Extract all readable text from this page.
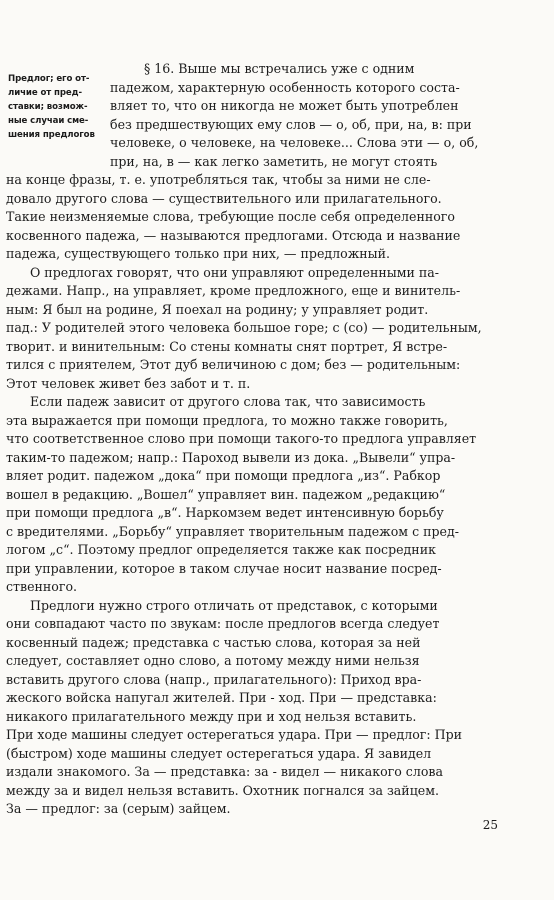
Предлог; его от-
личие от пред-
ставки; возмож-
ные случаи сме-
шения предлогов
§ 16. Выше мы встречались уже с одним
падежом, характерную особенность которого соста-
вляет то, что он никогда не может быть употреблен
без предшествующих ему слов — о, об, при, на, в: при
человеке, о человеке, на человеке... Слова эти — о, об,
при, на, в — как легко заметить, не могут стоять
на конце фразы, т. е. употребляться так, чтобы за ними не сле-
довало другого слова — существительного или прилагательного.
Такие неизменяемые слова, требующие после себя определенного
косвенного падежа, — называются предлогами. Отсюда и название
падежа, существующего только при них, — предложный.
О предлогах говорят, что они управляют определенными па-
дежами. Напр., на управляет, кроме предложного, еще и винитель-
ным: Я был на родине, Я поехал на родину; у управляет родит.
пад.: У родителей этого человека большое горе; с (со) — родительным,
творит. и винительным: Со стены комнаты снят портрет, Я встре-
тился с приятелем, Этот дуб величиною с дом; без — родительным:
Этот человек живет без забот и т. п.
Если падеж зависит от другого слова так, что зависимость
эта выражается при помощи предлога, то можно также говорить,
что соответственное слово при помощи такого-то предлога управляет
таким-то падежом; напр.: Пароход вывели из дока. „Вывели“ упра-
вляет родит. падежом „дока“ при помощи предлога „из“. Рабкор
вошел в редакцию. „Вошел“ управляет вин. падежом „редакцию“
при помощи предлога „в“. Наркомзем ведет интенсивную борьбу
с вредителями. „Борьбу“ управляет творительным падежом с пред-
логом „с“. Поэтому предлог определяется также как посредник
при управлении, которое в таком случае носит название посред-
ственного.
Предлоги нужно строго отличать от представок, с которыми
они совпадают часто по звукам: после предлогов всегда следует
косвенный падеж; представка с частью слова, которая за ней
следует, составляет одно слово, а потому между ними нельзя
вставить другого слова (напр., прилагательного): Приход вра-
жеского войска напугал жителей. При - ход. При — представка:
никакого прилагательного между при и ход нельзя вставить.
При ходе машины следует остерегаться удара. При — предлог: При
(быстром) ходе машины следует остерегаться удара. Я завидел
издали знакомого. За — представка: за - видел — никакого слова
между за и видел нельзя вставить. Охотник погнался за зайцем.
За — предлог: за (серым) зайцем.
25
